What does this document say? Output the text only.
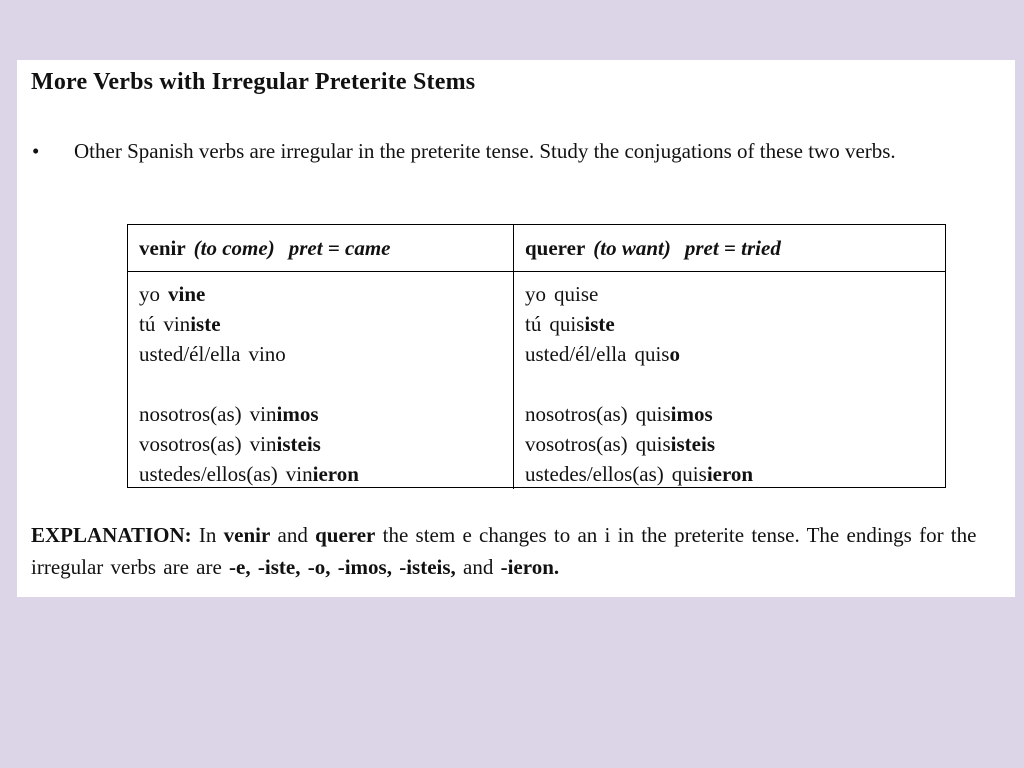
More Verbs with Irregular Preterite Stems
• Other Spanish verbs are irregular in the preterite tense. Study the conjugations of these two verbs.
venir (to come) pret = came	querer (to want) pret = tried
yo vine
tú viniste
usted/él/ella vino
nosotros(as) vinimos
vosotros(as) vinisteis
ustedes/ellos(as) vinieron
yo quise
tú quisiste
usted/él/ella quiso
nosotros(as) quisimos
vosotros(as) quisisteis
ustedes/ellos(as) quisieron
EXPLANATION: In venir and querer the stem e changes to an i in the preterite tense. The endings for the irregular verbs are are -e, -iste, -o, -imos, -isteis, and -ieron.
